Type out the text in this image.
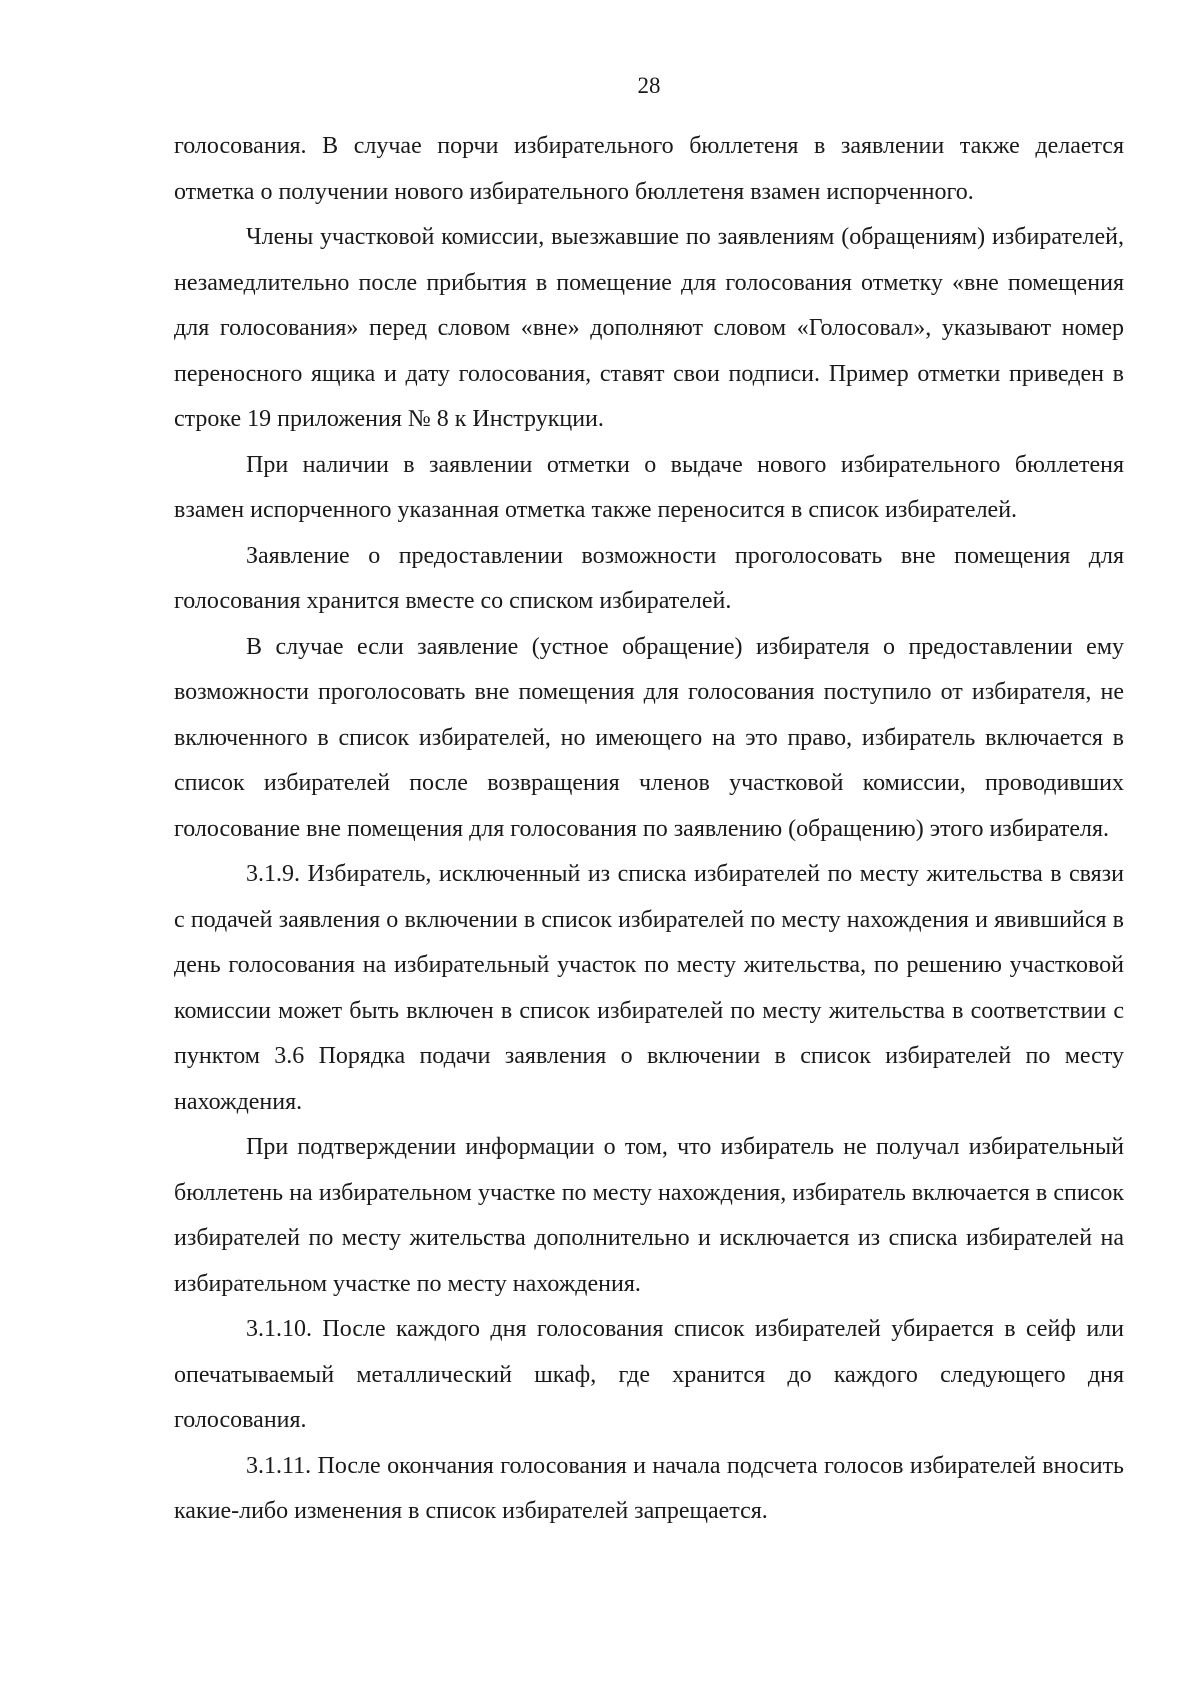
28

голосования. В случае порчи избирательного бюллетеня в заявлении также делается отметка о получении нового избирательного бюллетеня взамен испорченного.

Члены участковой комиссии, выезжавшие по заявлениям (обращениям) избирателей, незамедлительно после прибытия в помещение для голосования отметку «вне помещения для голосования» перед словом «вне» дополняют словом «Голосовал», указывают номер переносного ящика и дату голосования, ставят свои подписи. Пример отметки приведен в строке 19 приложения № 8 к Инструкции.

При наличии в заявлении отметки о выдаче нового избирательного бюллетеня взамен испорченного указанная отметка также переносится в список избирателей.

Заявление о предоставлении возможности проголосовать вне помещения для голосования хранится вместе со списком избирателей.

В случае если заявление (устное обращение) избирателя о предоставлении ему возможности проголосовать вне помещения для голосования поступило от избирателя, не включенного в список избирателей, но имеющего на это право, избиратель включается в список избирателей после возвращения членов участковой комиссии, проводивших голосование вне помещения для голосования по заявлению (обращению) этого избирателя.

3.1.9. Избиратель, исключенный из списка избирателей по месту жительства в связи с подачей заявления о включении в список избирателей по месту нахождения и явившийся в день голосования на избирательный участок по месту жительства, по решению участковой комиссии может быть включен в список избирателей по месту жительства в соответствии с пунктом 3.6 Порядка подачи заявления о включении в список избирателей по месту нахождения.

При подтверждении информации о том, что избиратель не получал избирательный бюллетень на избирательном участке по месту нахождения, избиратель включается в список избирателей по месту жительства дополнительно и исключается из списка избирателей на избирательном участке по месту нахождения.

3.1.10. После каждого дня голосования список избирателей убирается в сейф или опечатываемый металлический шкаф, где хранится до каждого следующего дня голосования.

3.1.11. После окончания голосования и начала подсчета голосов избирателей вносить какие-либо изменения в список избирателей запрещается.
